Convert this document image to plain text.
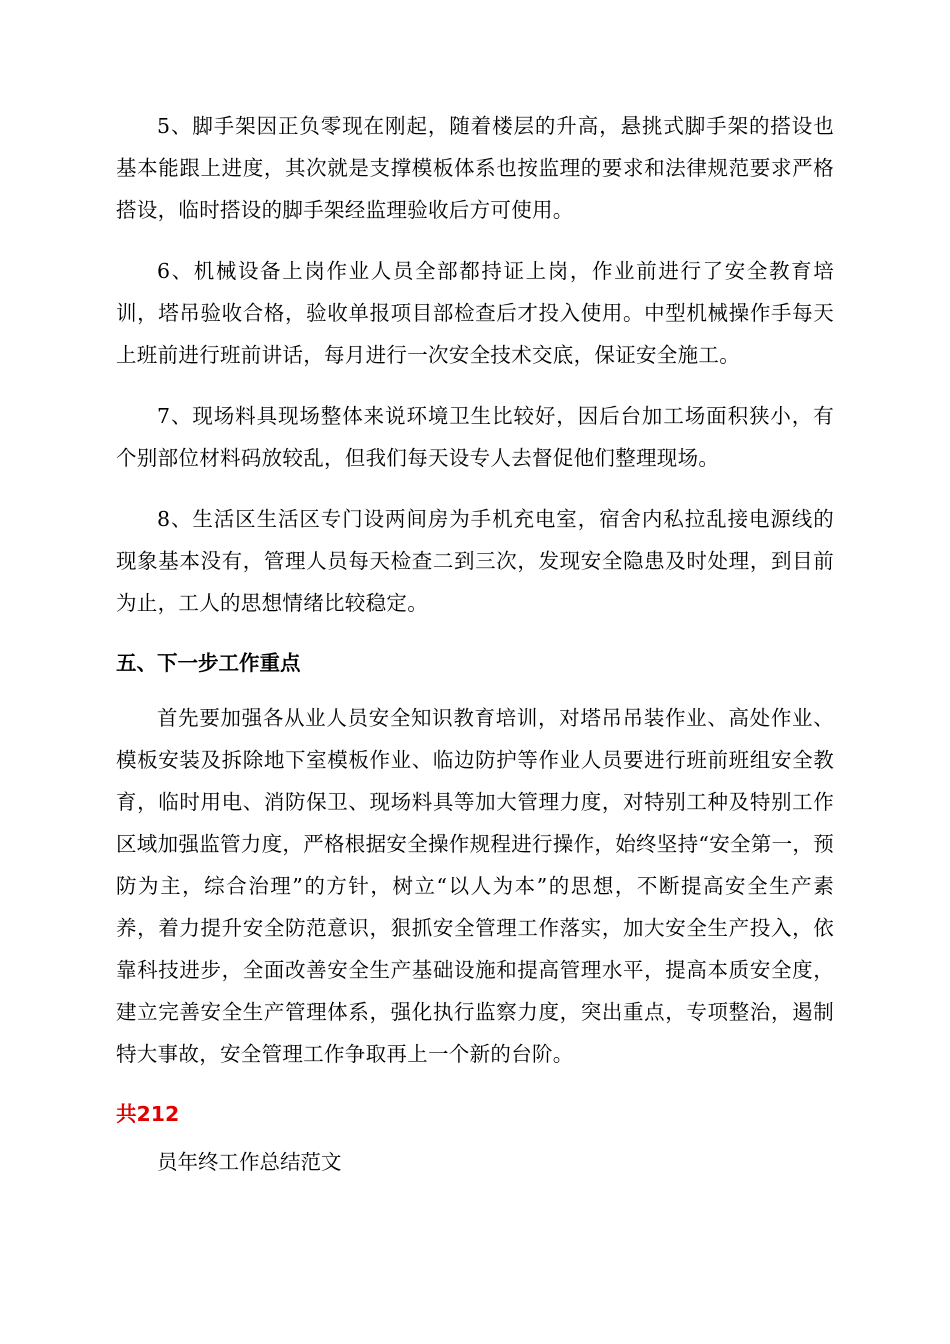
5、脚手架因正负零现在刚起，随着楼层的升高，悬挑式脚手架的搭设也基本能跟上进度，其次就是支撑模板体系也按监理的要求和法律规范要求严格搭设，临时搭设的脚手架经监理验收后方可使用。

6、机械设备上岗作业人员全部都持证上岗，作业前进行了安全教育培训，塔吊验收合格，验收单报项目部检查后才投入使用。中型机械操作手每天上班前进行班前讲话，每月进行一次安全技术交底，保证安全施工。

7、现场料具现场整体来说环境卫生比较好，因后台加工场面积狭小，有个别部位材料码放较乱，但我们每天设专人去督促他们整理现场。

8、生活区生活区专门设两间房为手机充电室，宿舍内私拉乱接电源线的现象基本没有，管理人员每天检查二到三次，发现安全隐患及时处理，到目前为止，工人的思想情绪比较稳定。

五、下一步工作重点

首先要加强各从业人员安全知识教育培训，对塔吊吊装作业、高处作业、模板安装及拆除地下室模板作业、临边防护等作业人员要进行班前班组安全教育，临时用电、消防保卫、现场料具等加大管理力度，对特别工种及特别工作区域加强监管力度，严格根据安全操作规程进行操作，始终坚持“安全第一，预防为主，综合治理”的方针，树立“以人为本”的思想，不断提高安全生产素养，着力提升安全防范意识，狠抓安全管理工作落实，加大安全生产投入，依靠科技进步，全面改善安全生产基础设施和提高管理水平，提高本质安全度，建立完善安全生产管理体系，强化执行监察力度，突出重点，专项整治，遏制特大事故，安全管理工作争取再上一个新的台阶。

共212

员年终工作总结范文
